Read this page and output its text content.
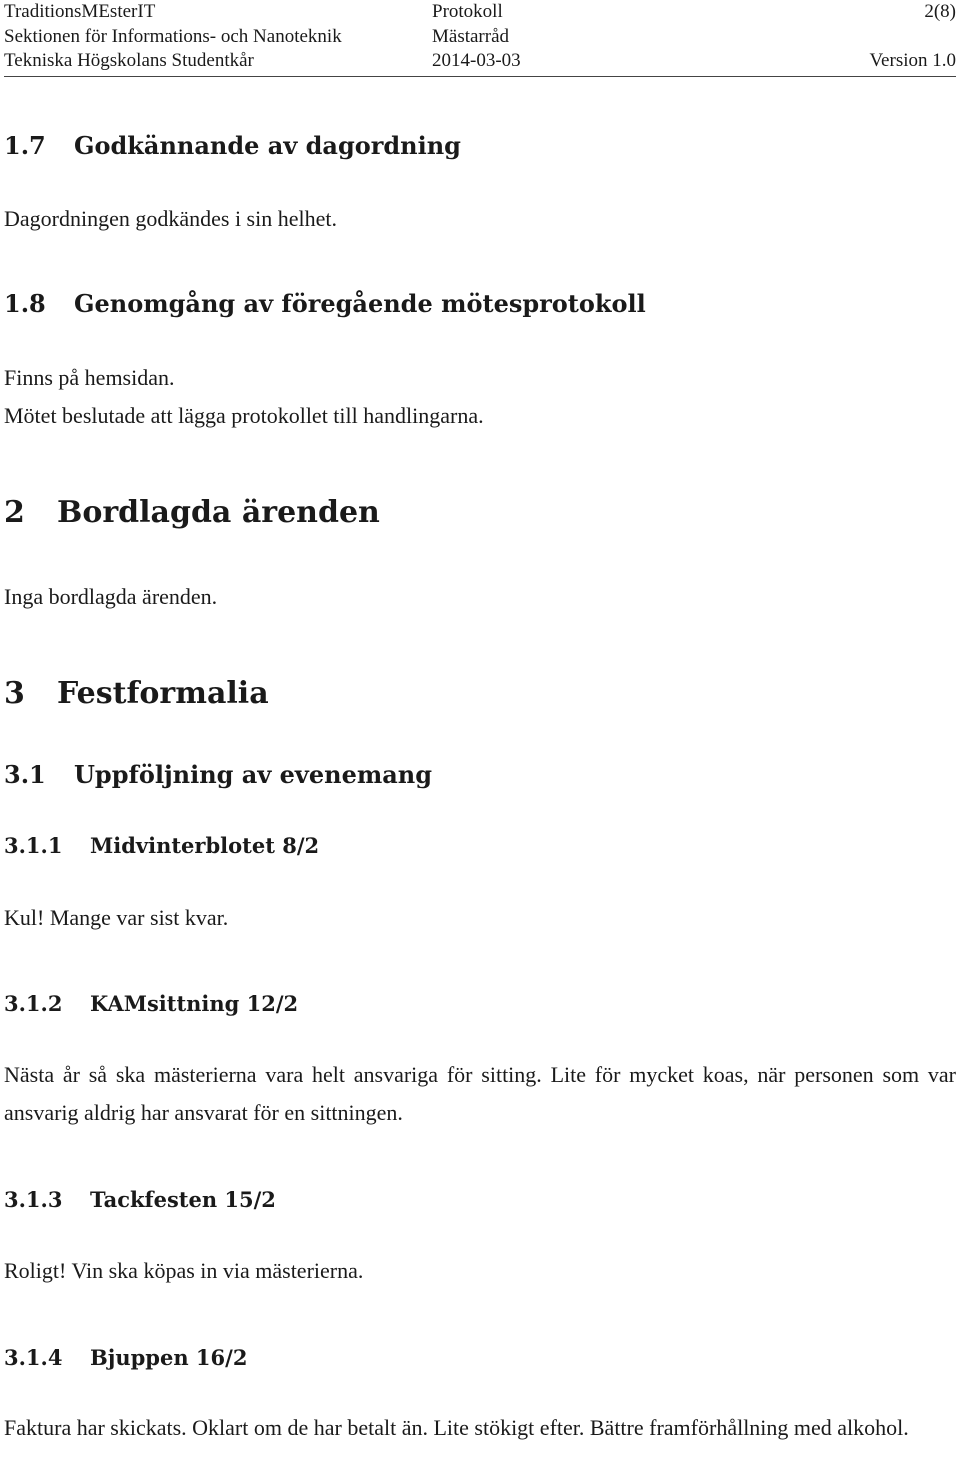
TraditionsMEsterIT	Protokoll	2(8)
Sektionen för Informations- och Nanoteknik	Mästarråd
Tekniska Högskolans Studentkår	2014-03-03	Version 1.0
1.7 Godkännande av dagordning
Dagordningen godkändes i sin helhet.
1.8 Genomgång av föregående mötesprotokoll
Finns på hemsidan.
Mötet beslutade att lägga protokollet till handlingarna.
2 Bordlagda ärenden
Inga bordlagda ärenden.
3 Festformalia
3.1 Uppföljning av evenemang
3.1.1 Midvinterblotet 8/2
Kul! Mange var sist kvar.
3.1.2 KAMsittning 12/2
Nästa år så ska mästerierna vara helt ansvariga för sitting. Lite för mycket koas, när personen som var ansvarig aldrig har ansvarat för en sittningen.
3.1.3 Tackfesten 15/2
Roligt! Vin ska köpas in via mästerierna.
3.1.4 Bjuppen 16/2
Faktura har skickats. Oklart om de har betalt än. Lite stökigt efter. Bättre framförhållning med alkohol.
